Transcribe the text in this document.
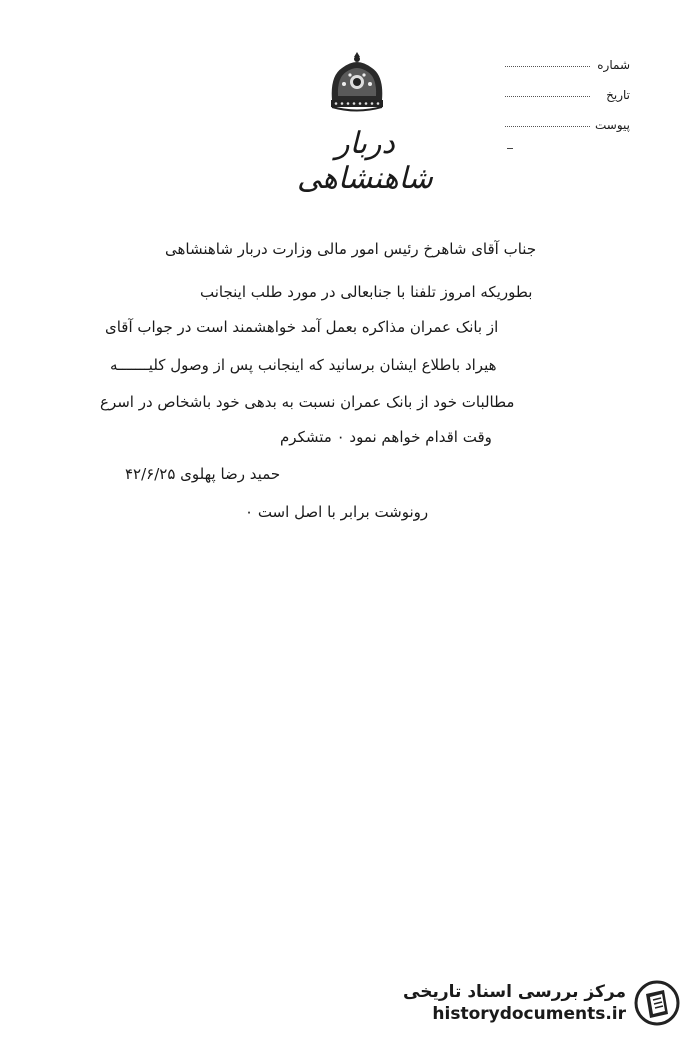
دربار شاهنشاهی
شماره
تاریخ
پیوست
جناب آقای شاهرخ رئیس امور مالی وزارت دربار شاهنشاهی
بطوریکه امروز تلفنا با جنابعالی در مورد طلب اینجانب
از بانک عمران مذاکره بعمل آمد خواهشمند است در جواب آقای
هیراد باطلاع ایشان برسانید که اینجانب پس از وصول کلیـــــــه
مطالبات خود از بانک عمران نسبت به بدهی خود باشخاص در اسرع
وقت اقدام خواهم نمود ۰ متشکرم
حمید رضا پهلوی ۴۲/۶/۲۵
رونوشت برابر با اصل است ۰
مرکز بررسی اسناد تاریخی
historydocuments.ir
